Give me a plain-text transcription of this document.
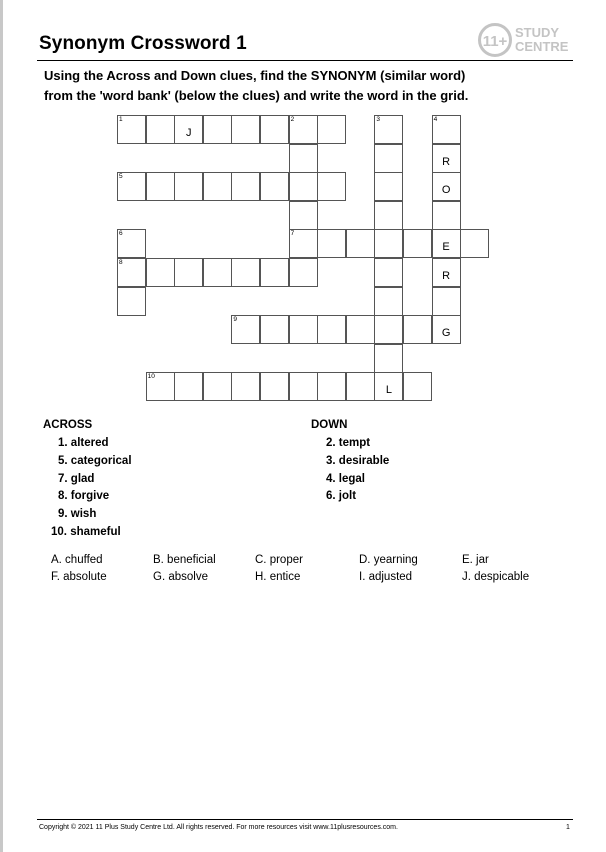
Synonym Crossword 1	11+
STUDY
CENTRE
Using the Across and Down clues, find the SYNONYM (similar word)
from the 'word bank' (below the clues) and write the word in the grid.
1
J
2
5
7
E
8
9
G
10
L
3	4
R
O
R
6
ACROSS
1. altered
5. categorical
7. glad
8. forgive
9. wish
10. shameful
DOWN
2. tempt
3. desirable
4. legal
6. jolt
A. chuffed	B. beneficial	C. proper	D. yearning	E. jar
F. absolute	G. absolve	H. entice	I. adjusted	J. despicable
Copyright © 2021 11 Plus Study Centre Ltd. All rights reserved. For more resources visit www.11plusresources.com.	1
